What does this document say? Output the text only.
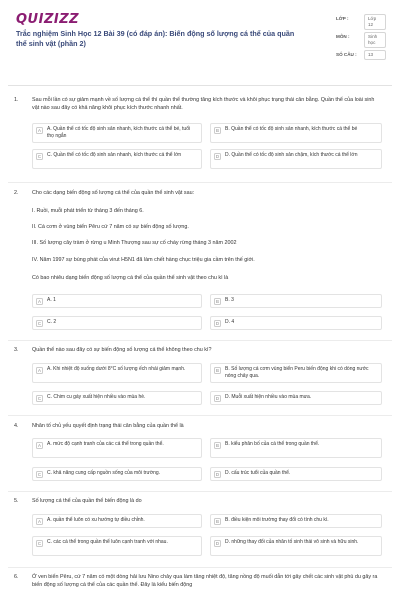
QUIZIZZ
Trắc nghiệm Sinh Học 12 Bài 39 (có đáp án): Biến động số lượng cá thể của quần thể sinh vật (phần 2)
LỚP :	Lớp 12
MÔN :	Sinh học
SỐ CÂU :	13
1.	Sau mỗi lần có sự giảm mạnh về số lượng cá thể thì quần thể thường tăng kích thước và khôi phục trạng thái cân bằng. Quần thể của loài sinh vật nào sau đây có khả năng khôi phục kích thước nhanh nhất.
A	A. Quần thể có tốc độ sinh sản nhanh, kích thước cá thể bé, tuổi thọ ngắn
B	B. Quần thể có tốc độ sinh sản nhanh, kích thước cá thể bé
C	C. Quần thể có tốc độ sinh sản nhanh, kích thước cá thể lớn	D	D. Quần thể có tốc độ sinh sản chậm, kích thước cá thể lớn
2.	Cho các dạng biến động số lượng cá thể của quần thể sinh vật sau:
I. Ruồi, muỗi phát triển từ tháng 3 đến tháng 6.
II. Cá cơm ở vùng biển Pêru cứ 7 năm có sự biến động số lượng.
III. Số lượng cây tràm ở rừng u Minh Thượng sau sự cố cháy rừng tháng 3 năm 2002
IV. Năm 1997 sự bùng phát của virut H5N1 đã làm chết hàng chục triệu gia cầm trên thế giới.
Có bao nhiêu dạng biến động số lượng cá thể của quần thể sinh vật theo chu kì là
A	A. 1	B	B. 3
C	C. 2	D	D. 4
3.	Quần thể nào sau đây có sự biến động số lượng cá thể không theo chu kì?
A	A. Khi nhiệt độ xuống dưới 8°C số lượng ếch nhái giảm mạnh.	B	B. Số lượng cá cơm vùng biển Peru biến động khi có dòng nước nóng chảy qua.
C	C. Chim cu gáy xuất hiện nhiều vào mùa hè.	D	D. Muỗi xuất hiện nhiều vào mùa mưa.
4.	Nhân tố chủ yếu quyết định trạng thái cân bằng của quần thể là
A	A. mức độ cạnh tranh của các cá thể trong quần thể.	B	B. kiểu phân bố của cá thể trong quần thể.
C	C. khả năng cung cấp nguồn sống của môi trường.	D	D. cấu trúc tuổi của quần thể.
5.	Số lượng cá thể của quần thể biến động là do
A	A. quần thể luôn có xu hướng tự điều chỉnh.	B	B. điều kiện môi trường thay đổi có tính chu kì.
C	C. các cá thể trong quần thể luôn cạnh tranh với nhau.	D	D. những thay đổi của nhân tố sinh thái vô sinh và hữu sinh.
6.	Ở ven biển Pêru, cứ 7 năm có một dòng hải lưu Nino chảy qua làm tăng nhiệt độ, tăng nồng độ muối dẫn tới gây chết các sinh vật phù du gây ra biến động số lượng cá thể của các quần thể. Đây là kiểu biến động
